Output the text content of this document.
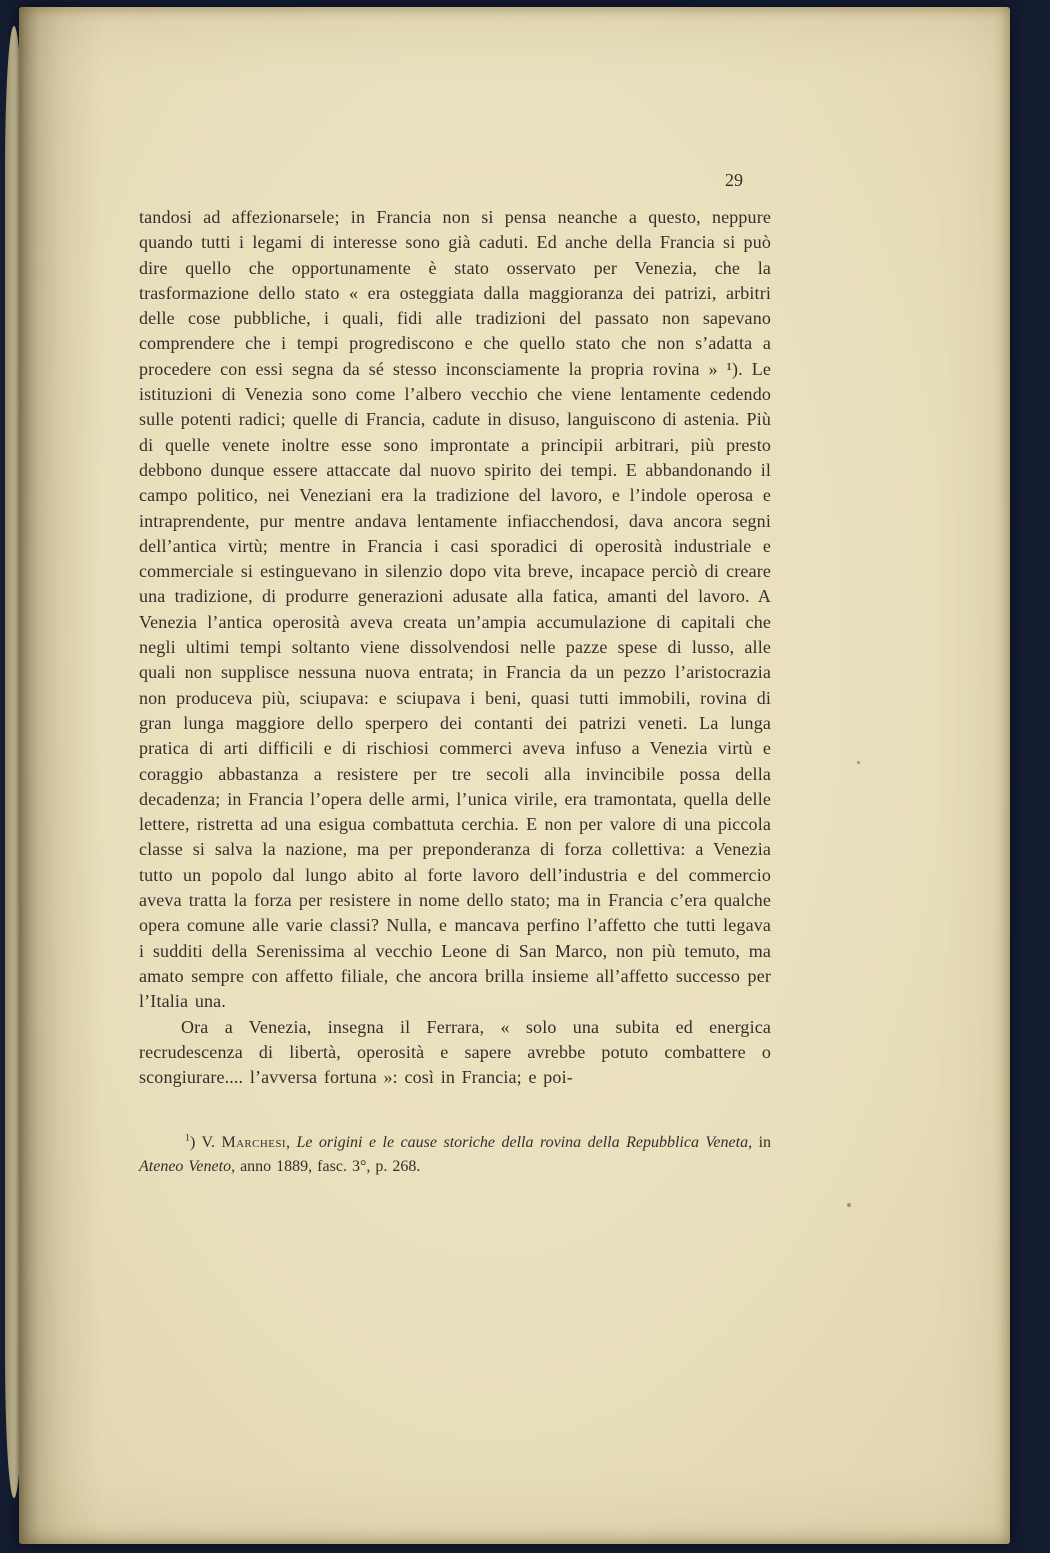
29

tandosi ad affezionarsele; in Francia non si pensa neanche a questo, neppure quando tutti i legami di interesse sono già caduti. Ed anche della Francia si può dire quello che opportunamente è stato osservato per Venezia, che la trasformazione dello stato « era osteggiata dalla maggioranza dei patrizi, arbitri delle cose pubbliche, i quali, fidi alle tradizioni del passato non sapevano comprendere che i tempi progrediscono e che quello stato che non s’adatta a procedere con essi segna da sé stesso inconsciamente la propria rovina » ¹). Le istituzioni di Venezia sono come l’albero vecchio che viene lentamente cedendo sulle potenti radici; quelle di Francia, cadute in disuso, languiscono di astenia. Più di quelle venete inoltre esse sono improntate a principii arbitrari, più presto debbono dunque essere attaccate dal nuovo spirito dei tempi. E abbandonando il campo politico, nei Veneziani era la tradizione del lavoro, e l’indole operosa e intraprendente, pur mentre andava lentamente infiacchendosi, dava ancora segni dell’antica virtù; mentre in Francia i casi sporadici di operosità industriale e commerciale si estinguevano in silenzio dopo vita breve, incapace perciò di creare una tradizione, di produrre generazioni adusate alla fatica, amanti del lavoro. A Venezia l’antica operosità aveva creata un’ampia accumulazione di capitali che negli ultimi tempi soltanto viene dissolvendosi nelle pazze spese di lusso, alle quali non supplisce nessuna nuova entrata; in Francia da un pezzo l’aristocrazia non produceva più, sciupava: e sciupava i beni, quasi tutti immobili, rovina di gran lunga maggiore dello sperpero dei contanti dei patrizi veneti. La lunga pratica di arti difficili e di rischiosi commerci aveva infuso a Venezia virtù e coraggio abbastanza a resistere per tre secoli alla invincibile possa della decadenza; in Francia l’opera delle armi, l’unica virile, era tramontata, quella delle lettere, ristretta ad una esigua combattuta cerchia. E non per valore di una piccola classe si salva la nazione, ma per preponderanza di forza collettiva: a Venezia tutto un popolo dal lungo abito al forte lavoro dell’industria e del commercio aveva tratta la forza per resistere in nome dello stato; ma in Francia c’era qualche opera comune alle varie classi? Nulla, e mancava perfino l’affetto che tutti legava i sudditi della Serenissima al vecchio Leone di San Marco, non più temuto, ma amato sempre con affetto filiale, che ancora brilla insieme all’affetto successo per l’Italia una.

Ora a Venezia, insegna il Ferrara, « solo una subita ed energica recrudescenza di libertà, operosità e sapere avrebbe potuto combattere o scongiurare.... l’avversa fortuna »: così in Francia; e poi-

$^1$) V. Marchesi, Le origini e le cause storiche della rovina della Repubblica Veneta, in Ateneo Veneto, anno 1889, fasc. 3°, p. 268.
